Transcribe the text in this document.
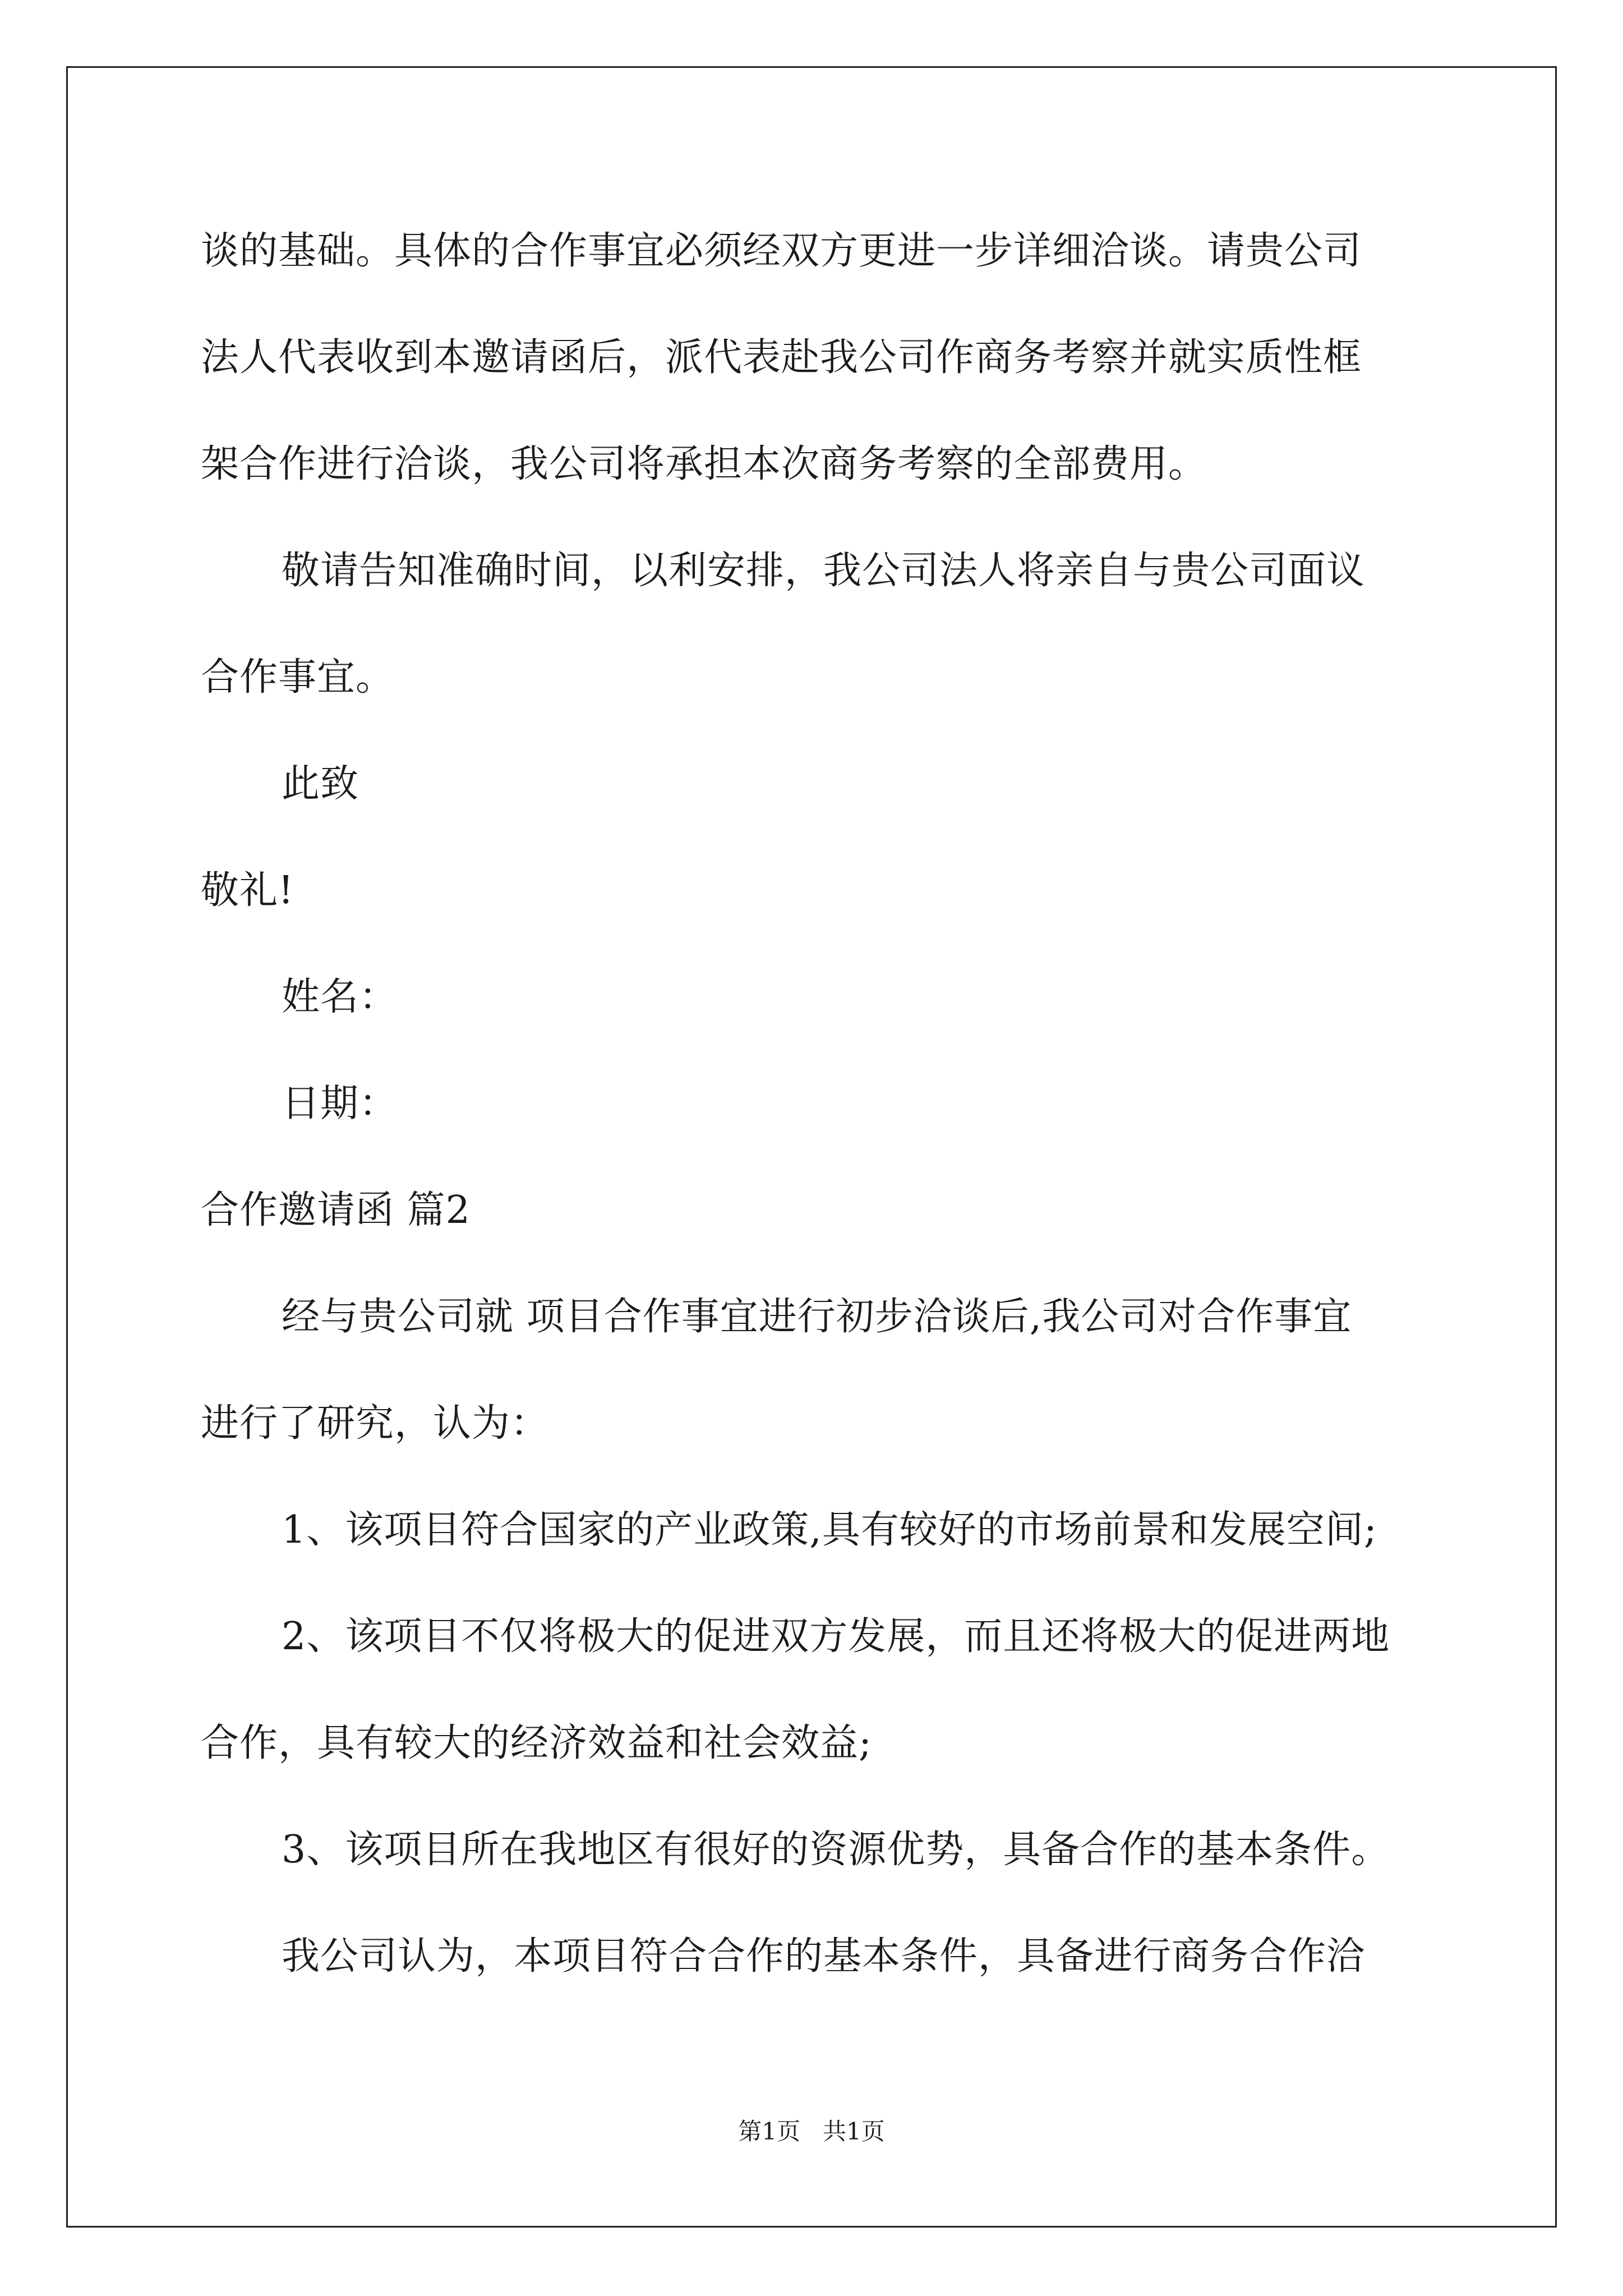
谈的基础。具体的合作事宜必须经双方更进一步详细洽谈。请贵公司
法人代表收到本邀请函后，派代表赴我公司作商务考察并就实质性框
架合作进行洽谈，我公司将承担本次商务考察的全部费用。
敬请告知准确时间，以利安排，我公司法人将亲自与贵公司面议
合作事宜。
此致
敬礼!
姓名：
日期：
合作邀请函 篇2
经与贵公司就 项目合作事宜进行初步洽谈后,我公司对合作事宜
进行了研究，认为：
1、该项目符合国家的产业政策,具有较好的市场前景和发展空间;
2、该项目不仅将极大的促进双方发展，而且还将极大的促进两地
合作，具有较大的经济效益和社会效益;
3、该项目所在我地区有很好的资源优势，具备合作的基本条件。
我公司认为，本项目符合合作的基本条件，具备进行商务合作洽
第1页   共1页
